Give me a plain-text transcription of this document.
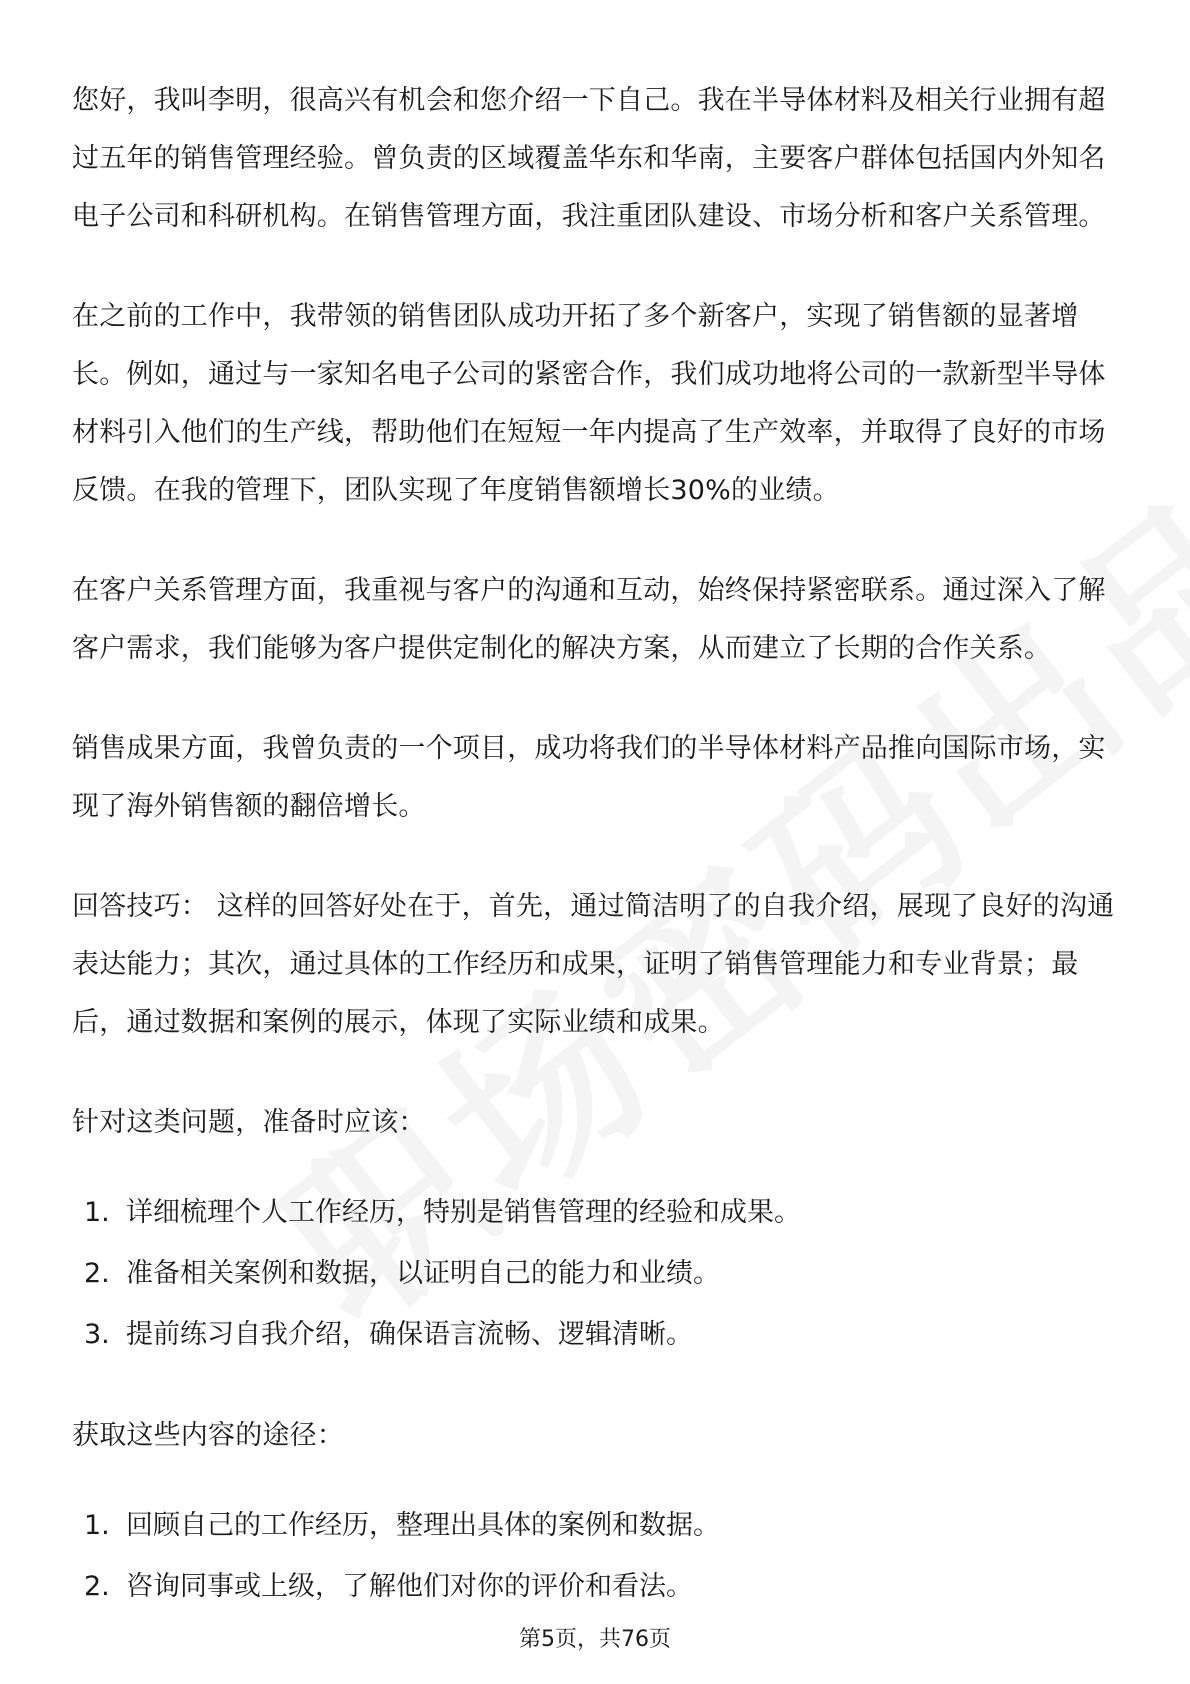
您好，我叫李明，很高兴有机会和您介绍一下自己。我在半导体材料及相关行业拥有超过五年的销售管理经验。曾负责的区域覆盖华东和华南，主要客户群体包括国内外知名电子公司和科研机构。在销售管理方面，我注重团队建设、市场分析和客户关系管理。

在之前的工作中，我带领的销售团队成功开拓了多个新客户，实现了销售额的显著增长。例如，通过与一家知名电子公司的紧密合作，我们成功地将公司的一款新型半导体材料引入他们的生产线，帮助他们在短短一年内提高了生产效率，并取得了良好的市场反馈。在我的管理下，团队实现了年度销售额增长30%的业绩。

在客户关系管理方面，我重视与客户的沟通和互动，始终保持紧密联系。通过深入了解客户需求，我们能够为客户提供定制化的解决方案，从而建立了长期的合作关系。

销售成果方面，我曾负责的一个项目，成功将我们的半导体材料产品推向国际市场，实现了海外销售额的翻倍增长。

回答技巧： 这样的回答好处在于，首先，通过简洁明了的自我介绍，展现了良好的沟通表达能力；其次，通过具体的工作经历和成果，证明了销售管理能力和专业背景；最后，通过数据和案例的展示，体现了实际业绩和成果。

针对这类问题，准备时应该：

1. 详细梳理个人工作经历，特别是销售管理的经验和成果。
2. 准备相关案例和数据，以证明自己的能力和业绩。
3. 提前练习自我介绍，确保语言流畅、逻辑清晰。

获取这些内容的途径：

1. 回顾自己的工作经历，整理出具体的案例和数据。
2. 咨询同事或上级，了解他们对你的评价和看法。
第5页，共76页
